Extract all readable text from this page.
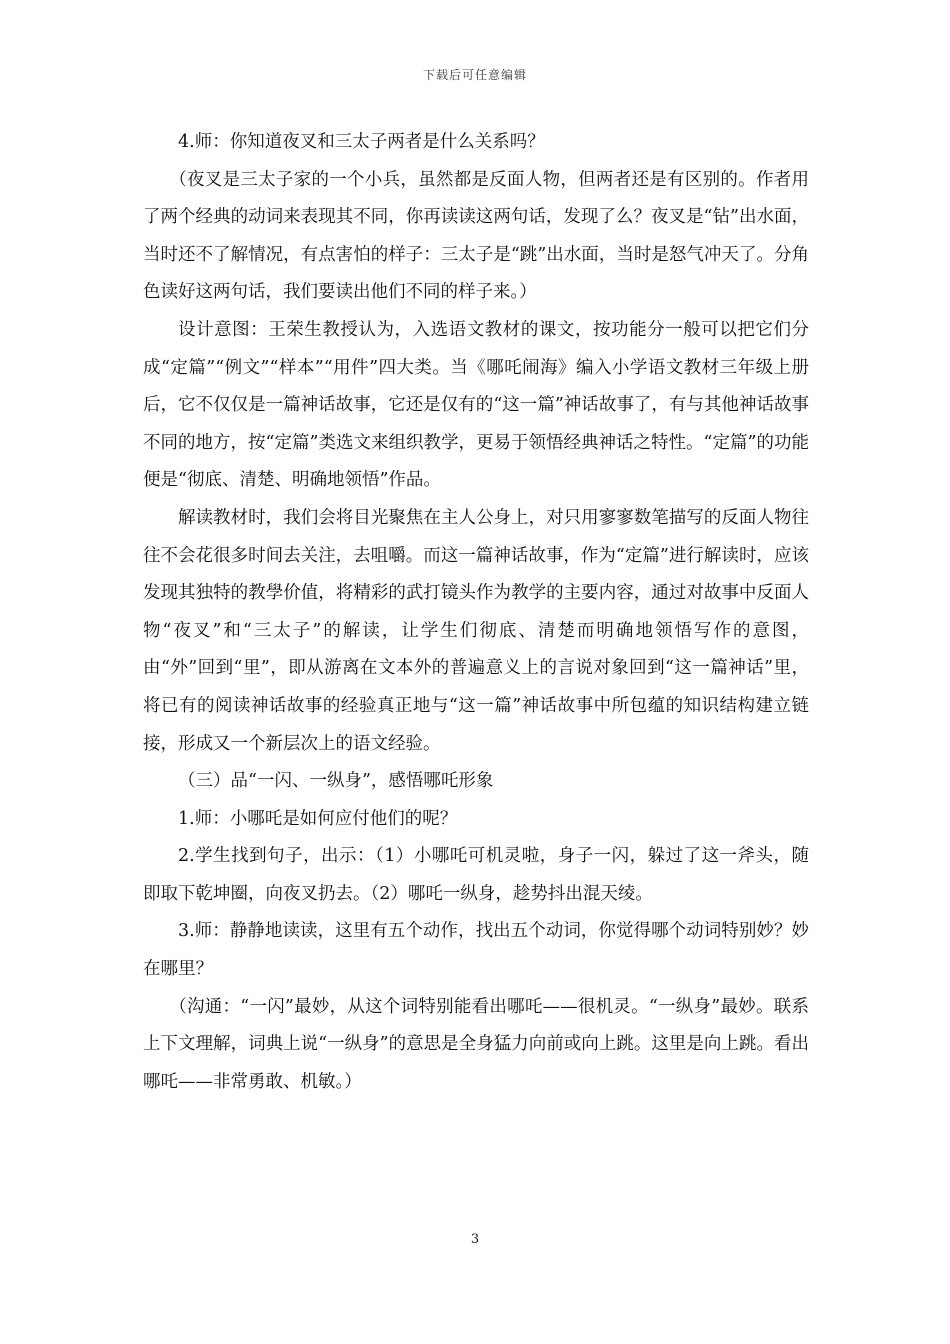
下载后可任意编辑

4.师：你知道夜叉和三太子两者是什么关系吗？

（夜叉是三太子家的一个小兵，虽然都是反面人物，但两者还是有区别的。作者用了两个经典的动词来表现其不同，你再读读这两句话，发现了么？夜叉是“钻”出水面，当时还不了解情况，有点害怕的样子：三太子是“跳”出水面，当时是怒气冲天了。分角色读好这两句话，我们要读出他们不同的样子来。）

设计意图：王荣生教授认为，入选语文教材的课文，按功能分一般可以把它们分成“定篇”“例文”“样本”“用件”四大类。当《哪吒闹海》编入小学语文教材三年级上册后，它不仅仅是一篇神话故事，它还是仅有的“这一篇”神话故事了，有与其他神话故事不同的地方，按“定篇”类选文来组织教学，更易于领悟经典神话之特性。“定篇”的功能便是“彻底、清楚、明确地领悟”作品。

解读教材时，我们会将目光聚焦在主人公身上，对只用寥寥数笔描写的反面人物往往不会花很多时间去关注，去咀嚼。而这一篇神话故事，作为“定篇”进行解读时，应该发现其独特的教學价值，将精彩的武打镜头作为教学的主要内容，通过对故事中反面人物“夜叉”和“三太子”的解读，让学生们彻底、清楚而明确地领悟写作的意图，由“外”回到“里”，即从游离在文本外的普遍意义上的言说对象回到“这一篇神话”里，将已有的阅读神话故事的经验真正地与“这一篇”神话故事中所包蕴的知识结构建立链接，形成又一个新层次上的语文经验。

（三）品“一闪、一纵身”，感悟哪吒形象

1.师：小哪吒是如何应付他们的呢？

2.学生找到句子，出示：（1）小哪吒可机灵啦，身子一闪，躲过了这一斧头，随即取下乾坤圈，向夜叉扔去。（2）哪吒一纵身，趁势抖出混天绫。

3.师：静静地读读，这里有五个动作，找出五个动词，你觉得哪个动词特别妙？妙在哪里？

（沟通：“一闪”最妙，从这个词特别能看出哪吒——很机灵。“一纵身”最妙。联系上下文理解，词典上说“一纵身”的意思是全身猛力向前或向上跳。这里是向上跳。看出哪吒——非常勇敢、机敏。）

3
